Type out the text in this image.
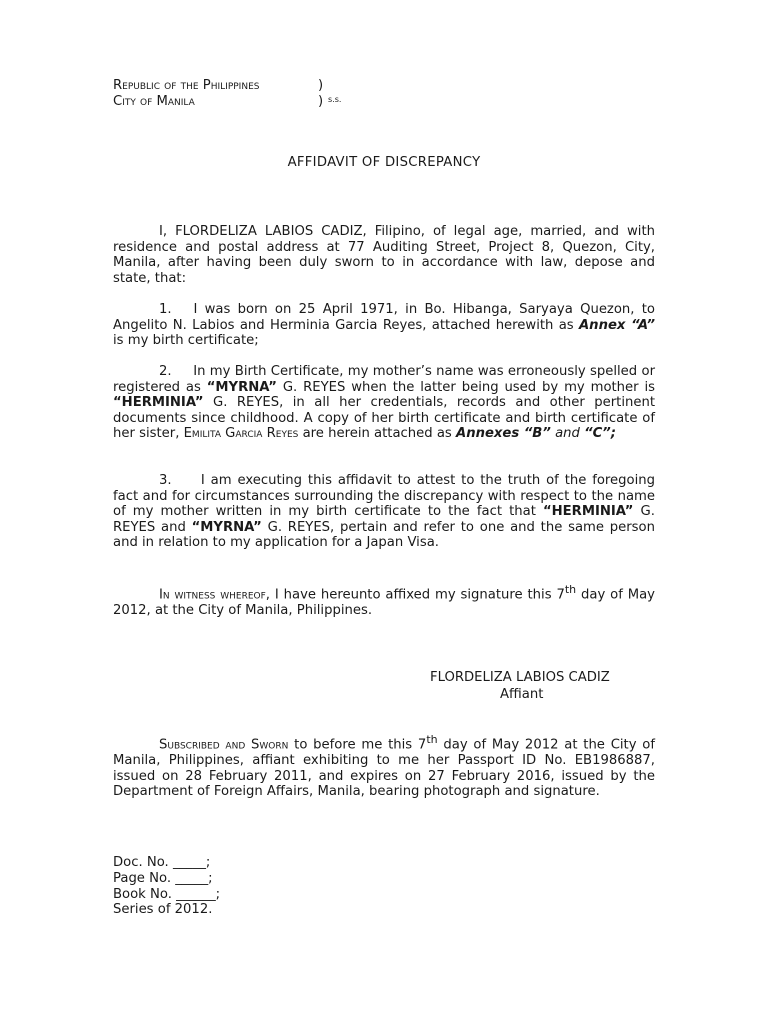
Republic of the Philippines	)
City of Manila	) s.s.
AFFIDAVIT OF DISCREPANCY
I, FLORDELIZA LABIOS CADIZ, Filipino, of legal age, married, and with residence and postal address at 77 Auditing Street, Project 8, Quezon, City, Manila, after having been duly sworn to in accordance with law, depose and state, that:
1. I was born on 25 April 1971, in Bo. Hibanga, Saryaya Quezon, to Angelito N. Labios and Herminia Garcia Reyes, attached herewith as Annex “A” is my birth certificate;
2. In my Birth Certificate, my mother’s name was erroneously spelled or registered as “MYRNA” G. REYES when the latter being used by my mother is “HERMINIA” G. REYES, in all her credentials, records and other pertinent documents since childhood. A copy of her birth certificate and birth certificate of her sister, Emilita Garcia Reyes are herein attached as Annexes “B” and “C”;
3. I am executing this affidavit to attest to the truth of the foregoing fact and for circumstances surrounding the discrepancy with respect to the name of my mother written in my birth certificate to the fact that “HERMINIA” G. REYES and “MYRNA” G. REYES, pertain and refer to one and the same person and in relation to my application for a Japan Visa.
In witness whereof, I have hereunto affixed my signature this 7th day of May 2012, at the City of Manila, Philippines.
FLORDELIZA LABIOS CADIZ
Affiant
Subscribed and Sworn to before me this 7th day of May 2012 at the City of Manila, Philippines, affiant exhibiting to me her Passport ID No. EB1986887, issued on 28 February 2011, and expires on 27 February 2016, issued by the Department of Foreign Affairs, Manila, bearing photograph and signature.
Doc. No. _____;
Page No. _____;
Book No. ______;
Series of 2012.
